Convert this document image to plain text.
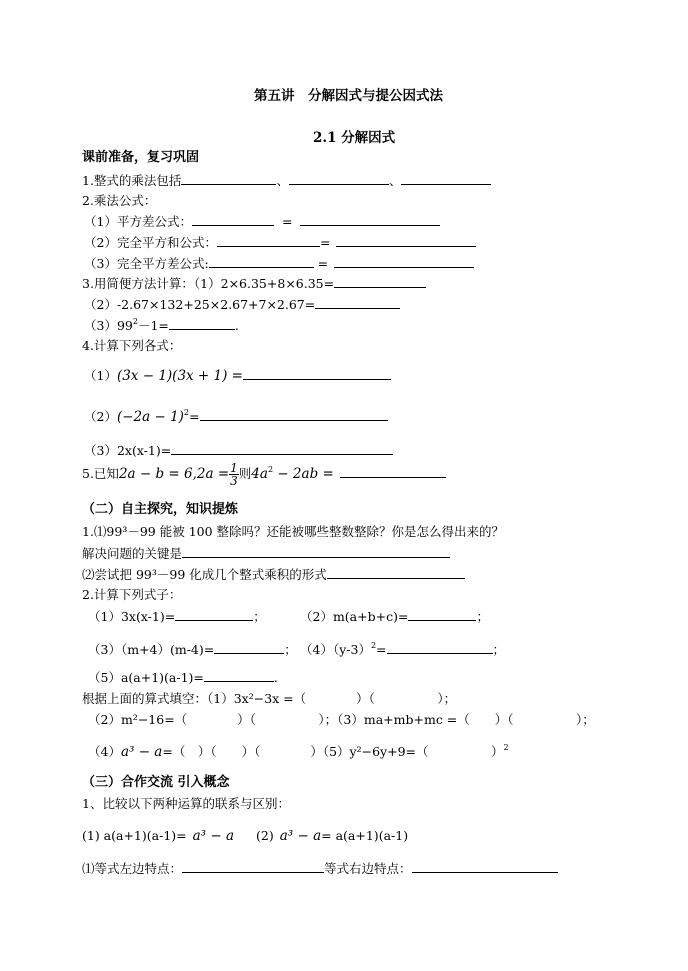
第五讲　分解因式与提公因式法
2.1 分解因式
课前准备，复习巩固
1.整式的乘法包括	、	、
2.乘法公式：
（1）平方差公式：	=
（2）完全平方和公式：	=
（3）完全平方差公式:	=
3.用简便方法计算：（1）2×6.35+8×6.35=
（2）-2.67×132+25×2.67+7×2.67=
$(3)99^2-1=$	.
4.计算下列各式：
（1）(3x − 1)(3x + 1) =
$(2)(-2a - 1)^2=$
（3）2x(x-1)=
5.已知$2a - b = 6,2a = \frac{1}{3}$ 则$4a^2 - 2ab$ =
（二）自主探究，知识提炼
1.⑴99³－99 能被 100 整除吗？还能被哪些整数整除？你是怎么得出来的？
解决问题的关键是
⑵尝试把 99³－99 化成几个整式乘积的形式
2.计算下列式子：
（1）3x(x-1)=	；	（2）m(a+b+c)=	；
（3）（m+4）(m-4)=	； $(4)(y-3)^2=$	；
（5）a(a+1)(a-1)=	.
根据上面的算式填空：（1）3x²−3x =（　　　　）（　　　　　）；
（2）m²−16=（　　　　）（　　　　　）；（3）ma+mb+mc =（　　）（　　　　　）；
（4）a³ − a=（　）（　　）（　　　　）（5）y²−6y+9=（　　　　　）$^2$
（三）合作交流 引入概念
1、比较以下两种运算的联系与区别：
(1) a(a+1)(a-1)= a³ − a (2) a³ − a= a(a+1)(a-1)
⑴等式左边特点：	等式右边特点：
